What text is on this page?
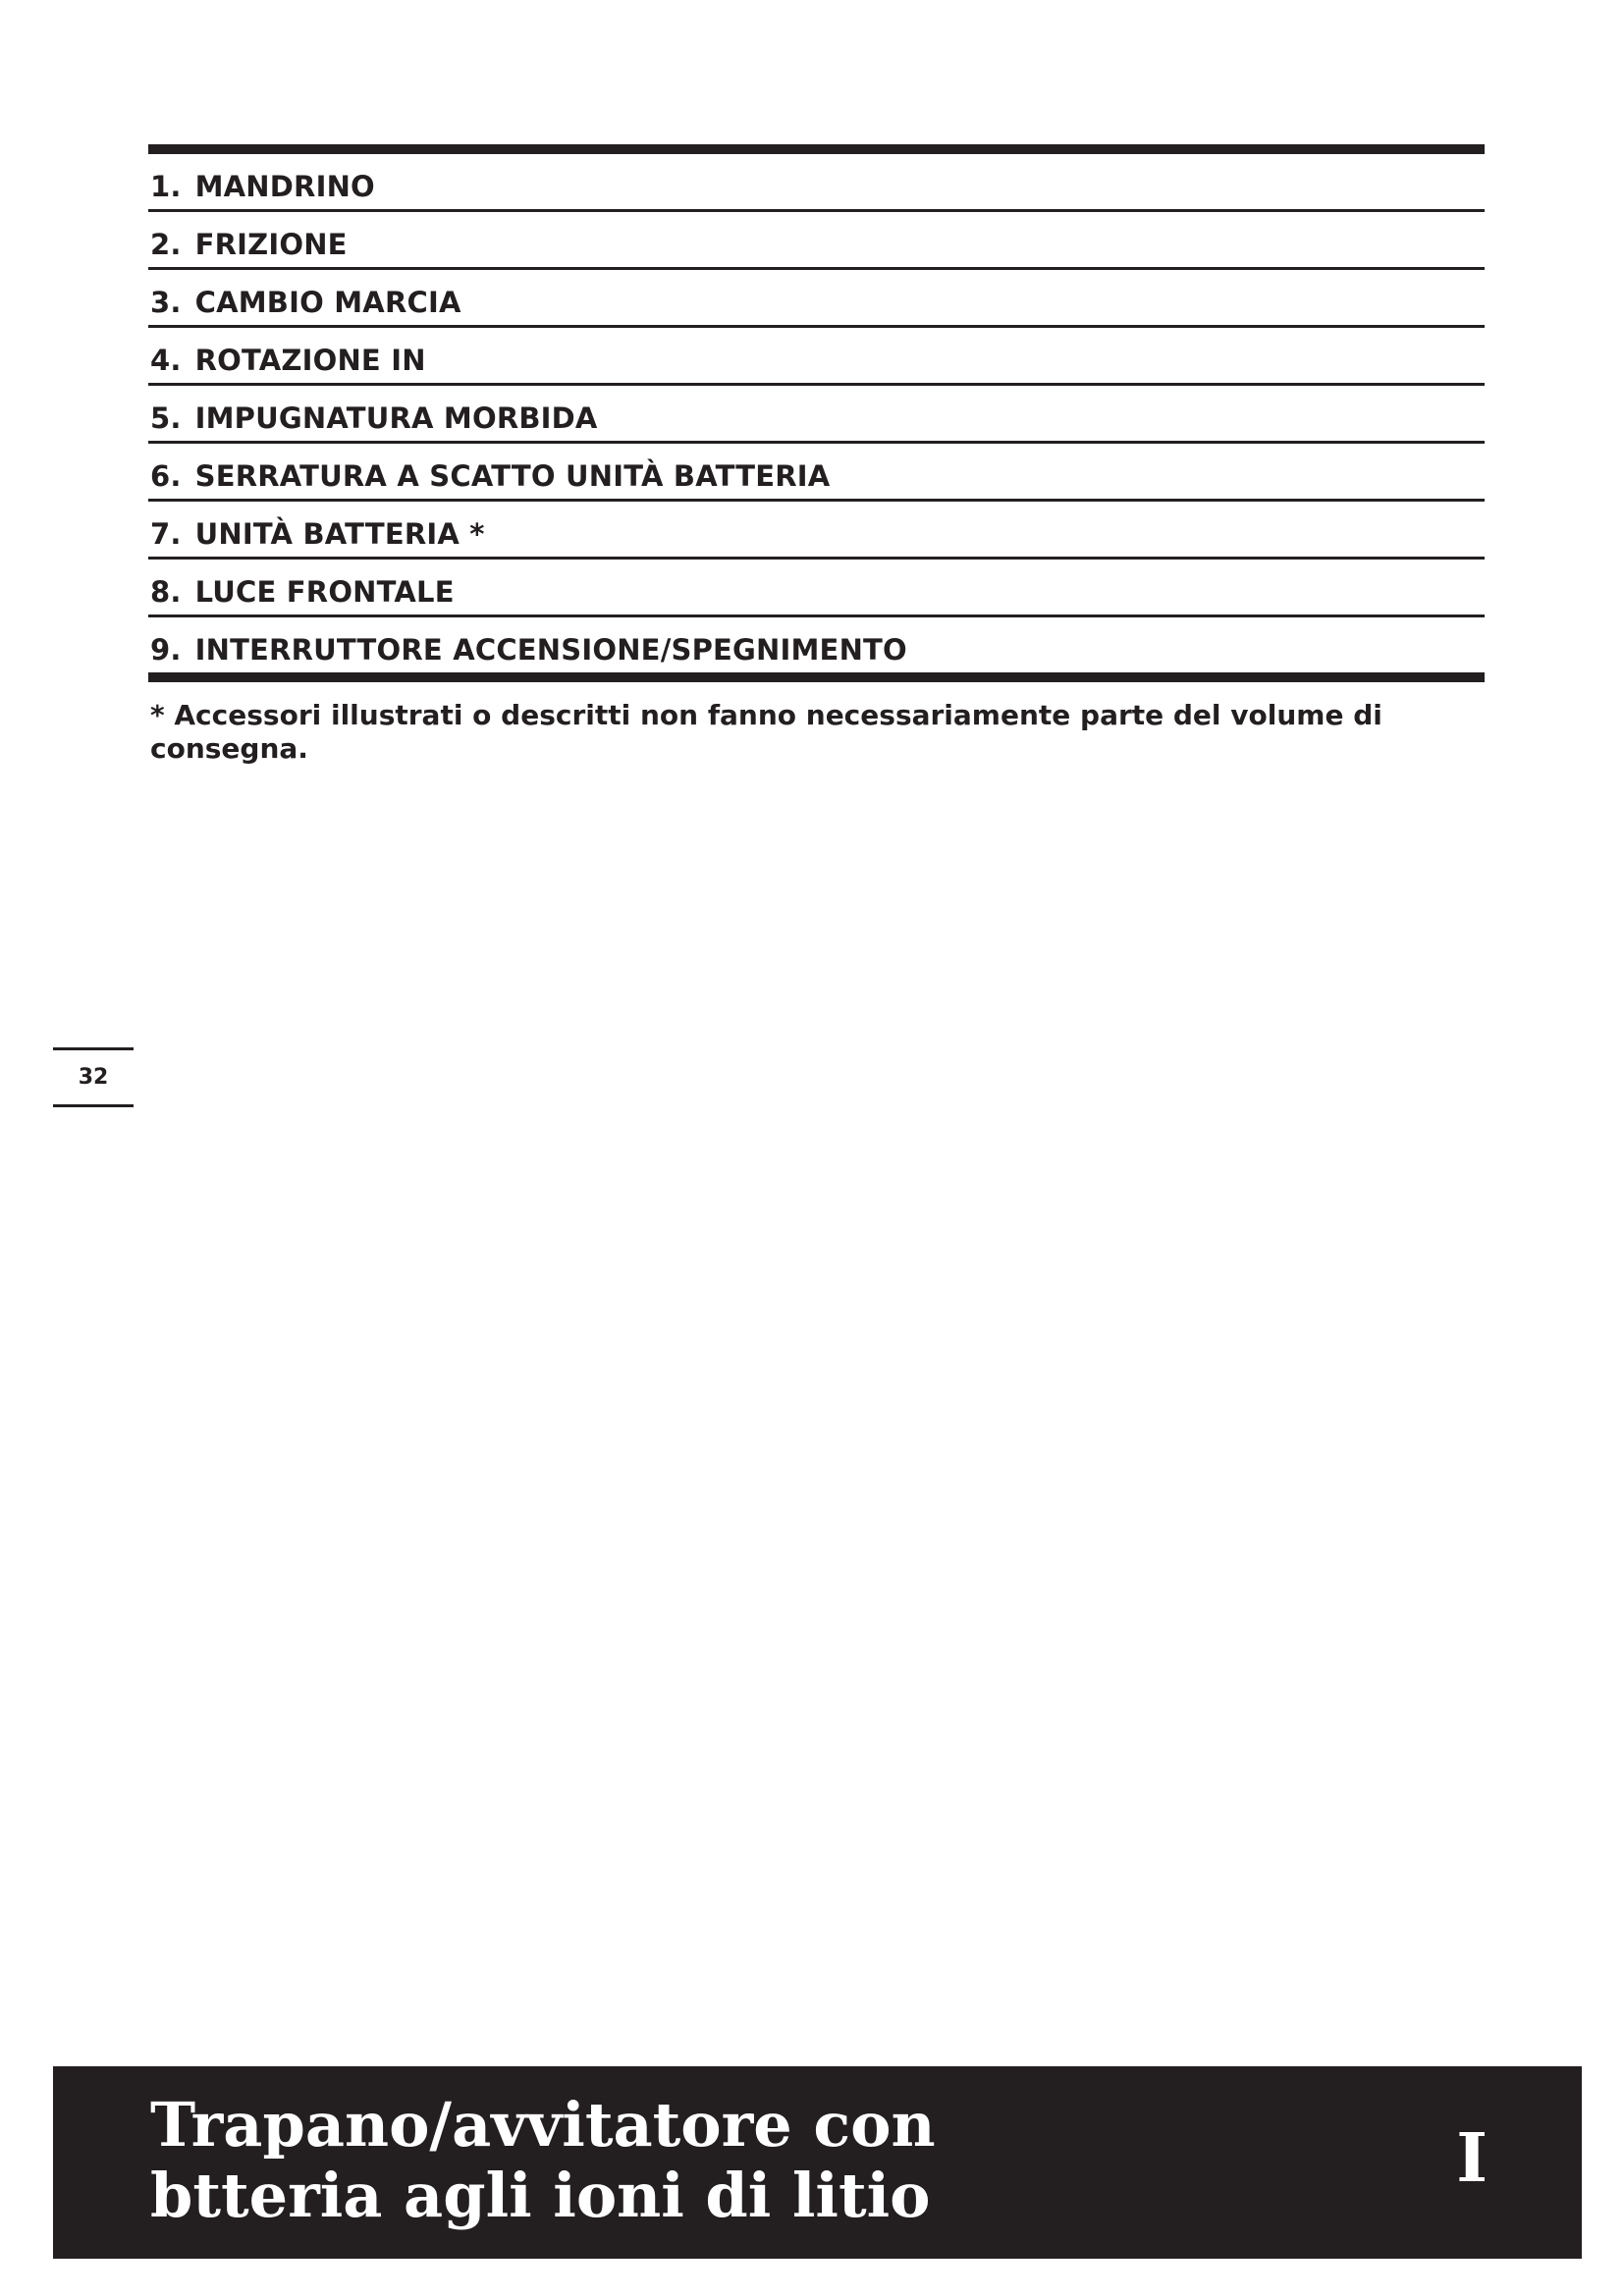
1. MANDRINO
2. FRIZIONE
3. CAMBIO MARCIA
4. ROTAZIONE IN
5. IMPUGNATURA MORBIDA
6. SERRATURA A SCATTO UNITÀ BATTERIA
7. UNITÀ BATTERIA *
8. LUCE FRONTALE
9. INTERRUTTORE ACCENSIONE/SPEGNIMENTO
* Accessori illustrati o descritti non fanno necessariamente parte del volume di consegna.
32
Trapano/avvitatore con
btteria agli ioni di litio	I
